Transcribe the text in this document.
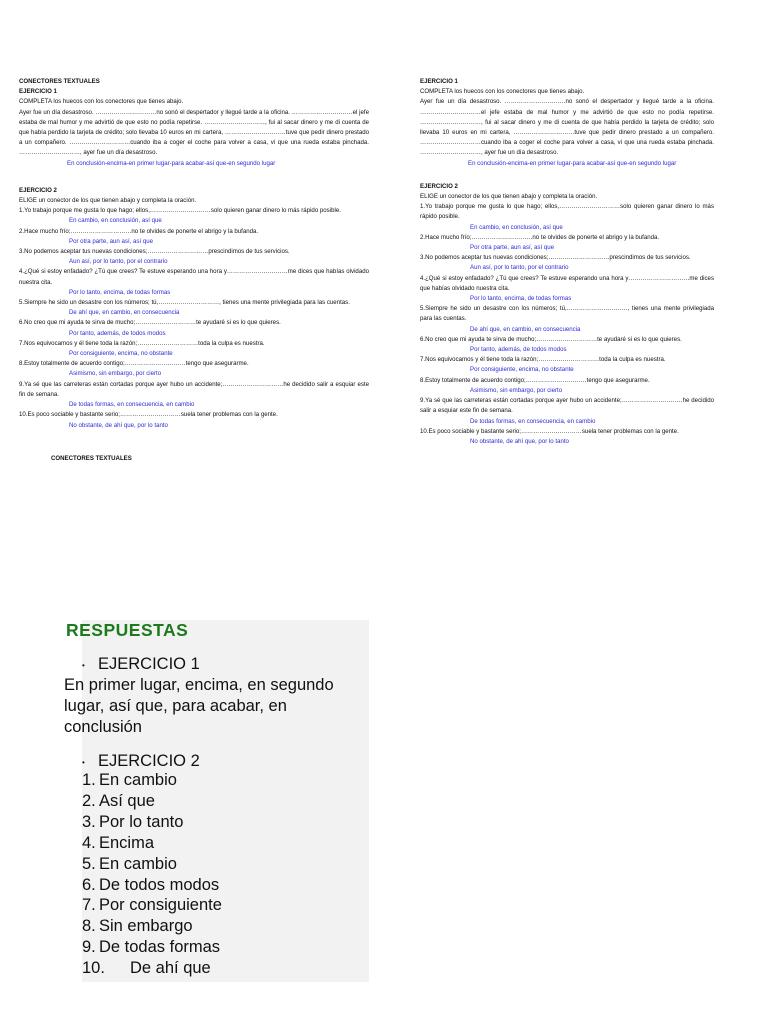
CONECTORES TEXTUALES

EJERCICIO 1

COMPLETA los huecos con los conectores que tienes abajo.

Ayer fue un día desastroso. …………………………no sonó el despertador y llegué tarde a la oficina. …………………………el jefe estaba de mal humor y me advirtió de que esto no podía repetirse. …………………………, fui al sacar dinero y me di cuenta de que había perdido la tarjeta de crédito; solo llevaba 10 euros en mi cartera, …………………………tuve que pedir dinero prestado a un compañero. …………………………cuando iba a coger el coche para volver a casa, vi que una rueda estaba pinchada. …………………………, ayer fue un día desastroso.

En conclusión-encima-en primer lugar-para acabar-así que-en segundo lugar

EJERCICIO 2

ELIGE un conector de los que tienen abajo y completa la oración.

1.Yo trabajo porque me gusta lo que hago; ellos,…………………………solo quieren ganar dinero lo más rápido posible.

En cambio, en conclusión, así que

2.Hace mucho frío;…………………………no te olvides de ponerte el abrigo y la bufanda.

Por otra parte, aun así, así que

3.No podemos aceptar tus nuevas condiciones;…………………………prescindimos de tus servicios.

Aun así, por lo tanto, por el contrario

4.¿Qué si estoy enfadado? ¿Tú que crees? Te estuve esperando una hora y…………………………me dices que habías olvidado nuestra cita.

Por lo tanto, encima, de todas formas

5.Siempre he sido un desastre con los números; tú,…………………………, tienes una mente privilegiada para las cuentas.

De ahí que, en cambio, en consecuencia

6.No creo que mi ayuda te sirva de mucho;…………………………te ayudaré si es lo que quieres.

Por tanto, además, de todos modos

7.Nos equivocamos y él tiene toda la razón;…………………………toda la culpa es nuestra.

Por consiguiente, encima, no obstante

8.Estoy totalmente de acuerdo contigo;…………………………tengo que asegurarme.

Asimismo, sin embargo, por cierto

9.Ya sé que las carreteras están cortadas porque ayer hubo un accidente;…………………………he decidido salir a esquiar este fin de semana.

De todas formas, en consecuencia, en cambio

10.Es poco sociable y bastante serio;…………………………suela tener problemas con la gente.

No obstante, de ahí que, por lo tanto

CONECTORES TEXTUALES

EJERCICIO 1

COMPLETA los huecos con los conectores que tienes abajo.

Ayer fue un día desastroso. …………………………no sonó el despertador y llegué tarde a la oficina. …………………………el jefe estaba de mal humor y me advirtió de que esto no podía repetirse. …………………………, fui al sacar dinero y me di cuenta de que había perdido la tarjeta de crédito; solo llevaba 10 euros en mi cartera, …………………………tuve que pedir dinero prestado a un compañero. …………………………cuando iba a coger el coche para volver a casa, vi que una rueda estaba pinchada. …………………………, ayer fue un día desastroso.

En conclusión-encima-en primer lugar-para acabar-así que-en segundo lugar

EJERCICIO 2

ELIGE un conector de los que tienen abajo y completa la oración.

1.Yo trabajo porque me gusta lo que hago; ellos,…………………………solo quieren ganar dinero lo más rápido posible.

En cambio, en conclusión, así que

2.Hace mucho frío;…………………………no te olvides de ponerte el abrigo y la bufanda.

Por otra parte, aun así, así que

3.No podemos aceptar tus nuevas condiciones;…………………………prescindimos de tus servicios.

Aun así, por lo tanto, por el contrario

4.¿Qué si estoy enfadado? ¿Tú que crees? Te estuve esperando una hora y…………………………me dices que habías olvidado nuestra cita.

Por lo tanto, encima, de todas formas

5.Siempre he sido un desastre con los números; tú,…………………………, tienes una mente privilegiada para las cuentas.

De ahí que, en cambio, en consecuencia

6.No creo que mi ayuda te sirva de mucho;…………………………te ayudaré si es lo que quieres.

Por tanto, además, de todos modos

7.Nos equivocamos y él tiene toda la razón;…………………………toda la culpa es nuestra.

Por consiguiente, encima, no obstante

8.Estoy totalmente de acuerdo contigo;…………………………tengo que asegurarme.

Asimismo, sin embargo, por cierto

9.Ya sé que las carreteras están cortadas porque ayer hubo un accidente;…………………………he decidido salir a esquiar este fin de semana.

De todas formas, en consecuencia, en cambio

10.Es poco sociable y bastante serio;…………………………suela tener problemas con la gente.

No obstante, de ahí que, por lo tanto

RESPUESTAS
• EJERCICIO 1
En primer lugar, encima, en segundo lugar, así que, para acabar, en conclusión
• EJERCICIO 2
1. En cambio
2. Así que
3. Por lo tanto
4. Encima
5. En cambio
6. De todos modos
7. Por consiguiente
8. Sin embargo
9. De todas formas
10. De ahí que
